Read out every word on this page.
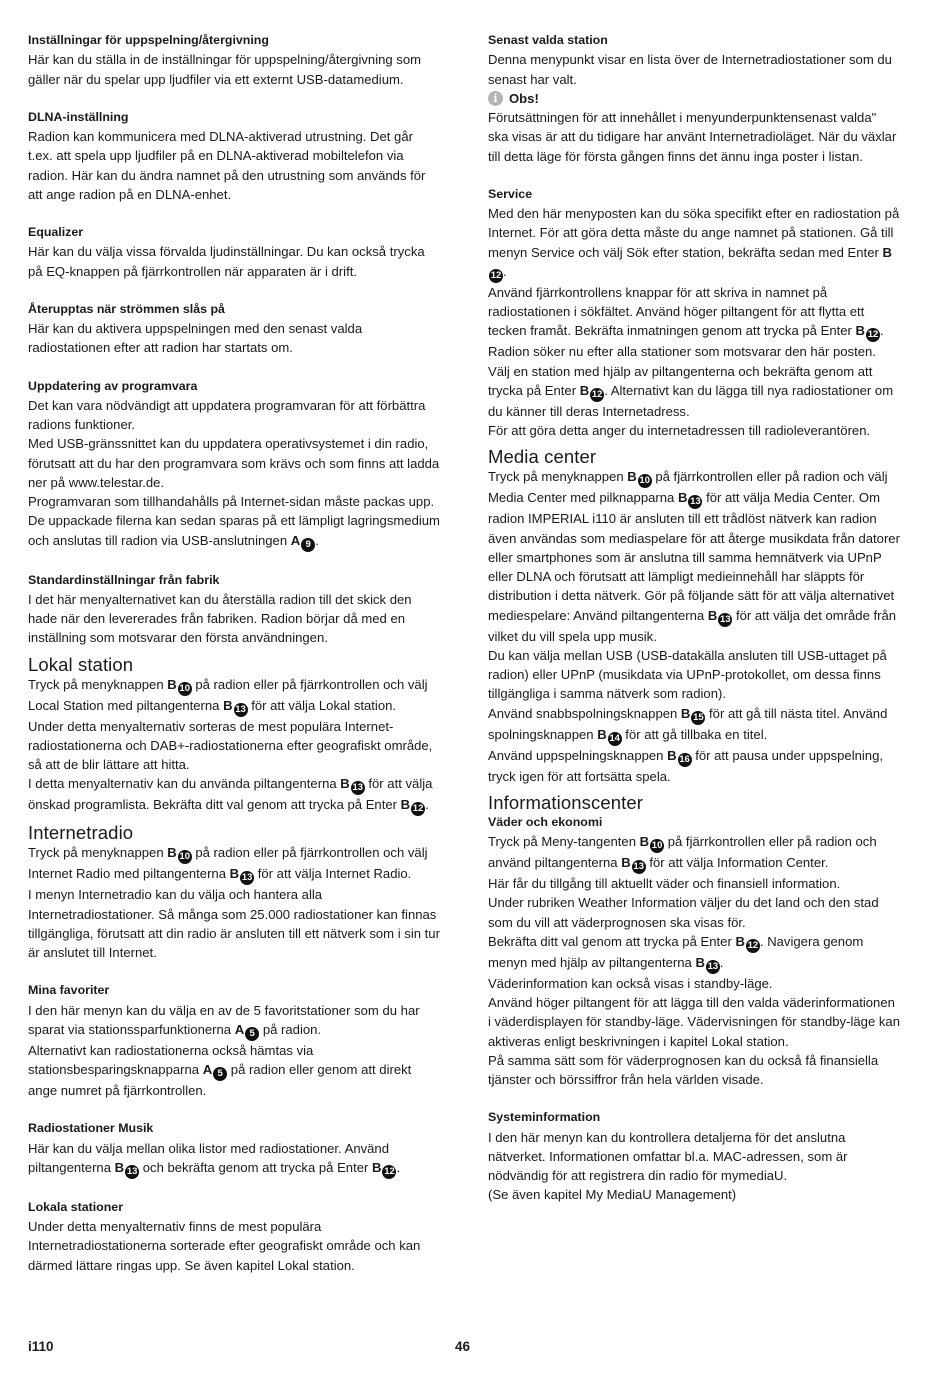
Inställningar för uppspelning/återgivning

Här kan du ställa in de inställningar för uppspelning/återgivning som gäller när du spelar upp ljudfiler via ett externt USB-datamedium.

DLNA-inställning

Radion kan kommunicera med DLNA-aktiverad utrustning. Det går t.ex. att spela upp ljudfiler på en DLNA-aktiverad mobiltelefon via radion. Här kan du ändra namnet på den utrustning som används för att ange radion på en DLNA-enhet.

Equalizer

Här kan du välja vissa förvalda ljudinställningar. Du kan också trycka på EQ-knappen på fjärrkontrollen när apparaten är i drift.

Återupptas när strömmen slås på

Här kan du aktivera uppspelningen med den senast valda radiostationen efter att radion har startats om.

Uppdatering av programvara

Det kan vara nödvändigt att uppdatera programvaran för att förbättra radions funktioner.

Med USB-gränssnittet kan du uppdatera operativsystemet i din radio, förutsatt att du har den programvara som krävs och som finns att ladda ner på www.telestar.de.

Programvaran som tillhandahålls på Internet-sidan måste packas upp. De uppackade filerna kan sedan sparas på ett lämpligt lagringsmedium och anslutas till radion via USB-anslutningen A 9 .

Standardinställningar från fabrik

I det här menyalternativet kan du återställa radion till det skick den hade när den levererades från fabriken. Radion börjar då med en inställning som motsvarar den första användningen.

Lokal station

Tryck på menyknappen B 10 på radion eller på fjärrkontrollen och välj Local Station med piltangenterna B 13 för att välja Lokal station.

Under detta menyalternativ sorteras de mest populära Internet-radiostationerna och DAB+-radiostationerna efter geografiskt område, så att de blir lättare att hitta.

I detta menyalternativ kan du använda piltangenterna B 13 för att välja önskad programlista. Bekräfta ditt val genom att trycka på Enter B 12 .

Internetradio

Tryck på menyknappen B 10 på radion eller på fjärrkontrollen och välj Internet Radio med piltangenterna B 13 för att välja Internet Radio.

I menyn Internetradio kan du välja och hantera alla Internetradiostationer. Så många som 25.000 radiostationer kan finnas tillgängliga, förutsatt att din radio är ansluten till ett nätverk som i sin tur är anslutet till Internet.

Mina favoriter

I den här menyn kan du välja en av de 5 favoritstationer som du har sparat via stationssparfunktionerna A 5 på radion.

Alternativt kan radiostationerna också hämtas via stationsbesparingsknapparna A 5 på radion eller genom att direkt ange numret på fjärrkontrollen.

Radiostationer Musik

Här kan du välja mellan olika listor med radiostationer. Använd piltangenterna B 13 och bekräfta genom att trycka på Enter B 12 .

Lokala stationer

Under detta menyalternativ finns de mest populära Internetradiostationerna sorterade efter geografiskt område och kan därmed lättare ringas upp. Se även kapitel Lokal station.

Senast valda station

Denna menypunkt visar en lista över de Internetradiostationer som du senast har valt.

i Obs!

Förutsättningen för att innehållet i menyunderpunktensenast valda" ska visas är att du tidigare har använt Internetradioläget. När du växlar till detta läge för första gången finns det ännu inga poster i listan.

Service

Med den här menyposten kan du söka specifikt efter en radiostation på Internet. För att göra detta måste du ange namnet på stationen. Gå till menyn Service och välj Sök efter station, bekräfta sedan med Enter B12 .

Använd fjärrkontrollens knappar för att skriva in namnet på radiostationen i sökfältet. Använd höger piltangent för att flytta ett tecken framåt. Bekräfta inmatningen genom att trycka på Enter B 12 .

Radion söker nu efter alla stationer som motsvarar den här posten. Välj en station med hjälp av piltangenterna och bekräfta genom att trycka på Enter B 12 . Alternativt kan du lägga till nya radiostationer om du känner till deras Internetadress.

För att göra detta anger du internetadressen till radioleverantören.

Media center

Tryck på menyknappen B 10 på fjärrkontrollen eller på radion och välj Media Center med pilknapparna B 13 för att välja Media Center. Om radion IMPERIAL i110 är ansluten till ett trådlöst nätverk kan radion även användas som mediaspelare för att återge musikdata från datorer eller smartphones som är anslutna till samma hemnätverk via UPnP eller DLNA och förutsatt att lämpligt medieinnehåll har släppts för distribution i detta nätverk. Gör på följande sätt för att välja alternativet mediespelare: Använd piltangenterna B 13 för att välja det område från vilket du vill spela upp musik.

Du kan välja mellan USB (USB-datakälla ansluten till USB-uttaget på radion) eller UPnP (musikdata via UPnP-protokollet, om dessa finns tillgängliga i samma nätverk som radion).

Använd snabbspolningsknappen B 15 för att gå till nästa titel. Använd spolningsknappen B 14 för att gå tillbaka en titel.

Använd uppspelningsknappen B 16 för att pausa under uppspelning, tryck igen för att fortsätta spela.

Informationscenter
Väder och ekonomi

Tryck på Meny-tangenten B 10 på fjärrkontrollen eller på radion och använd piltangenterna B 13 för att välja Information Center.

Här får du tillgång till aktuellt väder och finansiell information.

Under rubriken Weather Information väljer du det land och den stad som du vill att väderprognosen ska visas för.

Bekräfta ditt val genom att trycka på Enter B 12 . Navigera genom menyn med hjälp av piltangenterna B 13 .

Väderinformation kan också visas i standby-läge.

Använd höger piltangent för att lägga till den valda väderinformationen i väderdisplayen för standby-läge. Vädervisningen för standby-läge kan aktiveras enligt beskrivningen i kapitel Lokal station.

På samma sätt som för väderprognosen kan du också få finansiella tjänster och börssiffror från hela världen visade.

Systeminformation

I den här menyn kan du kontrollera detaljerna för det anslutna nätverket. Informationen omfattar bl.a. MAC-adressen, som är nödvändig för att registrera din radio för mymediaU.

(Se även kapitel My MediaU Management)

i110	46
